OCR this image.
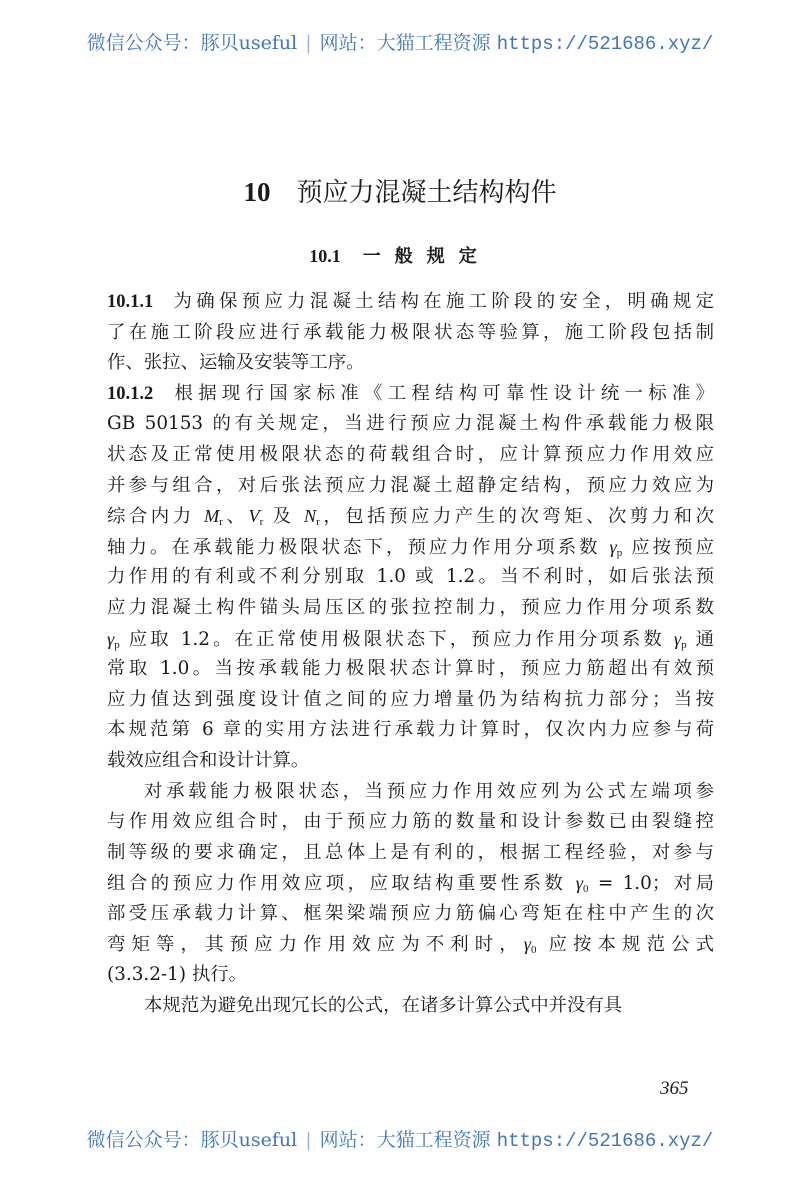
微信公众号：豚贝useful | 网站：大猫工程资源 https://521686.xyz/
10 预应力混凝土结构构件
10.1 一般规定
10.1.1 为确保预应力混凝土结构在施工阶段的安全，明确规定
了在施工阶段应进行承载能力极限状态等验算，施工阶段包括制
作、张拉、运输及安装等工序。
10.1.2 根据现行国家标准《工程结构可靠性设计统一标准》
GB 50153 的有关规定，当进行预应力混凝土构件承载能力极限
状态及正常使用极限状态的荷载组合时，应计算预应力作用效应
并参与组合，对后张法预应力混凝土超静定结构，预应力效应为
综合内力 $M_r$、$V_r$ 及 $N_r$，包括预应力产生的次弯矩、次剪力和次
轴力。在承载能力极限状态下，预应力作用分项系数 $\gamma_p$ 应按预应
力作用的有利或不利分别取 1.0 或 1.2。当不利时，如后张法预
应力混凝土构件锚头局压区的张拉控制力，预应力作用分项系数
$\gamma_p$ 应取 1.2。在正常使用极限状态下，预应力作用分项系数 $\gamma_p$ 通
常取 1.0。当按承载能力极限状态计算时，预应力筋超出有效预
应力值达到强度设计值之间的应力增量仍为结构抗力部分；当按
本规范第 6 章的实用方法进行承载力计算时，仅次内力应参与荷
载效应组合和设计计算。
对承载能力极限状态，当预应力作用效应列为公式左端项参
与作用效应组合时，由于预应力筋的数量和设计参数已由裂缝控
制等级的要求确定，且总体上是有利的，根据工程经验，对参与
组合的预应力作用效应项，应取结构重要性系数 $\gamma_0 = 1.0$；对局
部受压承载力计算、框架梁端预应力筋偏心弯矩在柱中产生的次
弯矩等，其预应力作用效应为不利时，$\gamma_0$ 应按本规范公式
(3.3.2-1) 执行。
本规范为避免出现冗长的公式，在诸多计算公式中并没有具
365
微信公众号：豚贝useful | 网站：大猫工程资源 https://521686.xyz/
